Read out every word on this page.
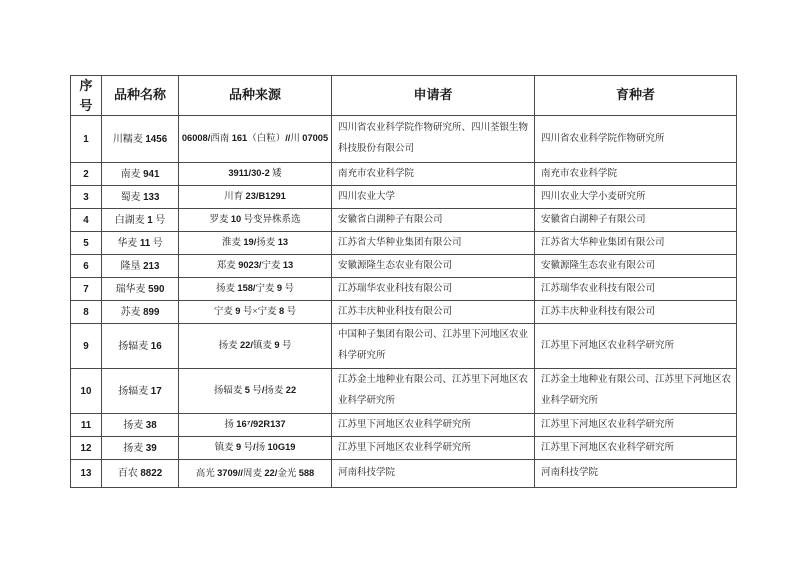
序号	品种名称	品种来源	申请者	育种者
1	川糯麦 1456	06008/西南 161（白粒）//川 07005	四川省农业科学院作物研究所、四川荃银生物科技股份有限公司	四川省农业科学院作物研究所
2	南麦 941	3911/30-2 矮	南充市农业科学院	南充市农业科学院
3	蜀麦 133	川育 23/B1291	四川农业大学	四川农业大学小麦研究所
4	白湖麦 1 号	罗麦 10 号变异株系选	安徽省白湖种子有限公司	安徽省白湖种子有限公司
5	华麦 11 号	淮麦 19/扬麦 13	江苏省大华种业集团有限公司	江苏省大华种业集团有限公司
6	隆垦 213	郑麦 9023/宁麦 13	安徽源隆生态农业有限公司	安徽源隆生态农业有限公司
7	瑞华麦 590	扬麦 158/宁麦 9 号	江苏瑞华农业科技有限公司	江苏瑞华农业科技有限公司
8	苏麦 899	宁麦 9 号×宁麦 8 号	江苏丰庆种业科技有限公司	江苏丰庆种业科技有限公司
9	扬辐麦 16	扬麦 22/镇麦 9 号	中国种子集团有限公司、江苏里下河地区农业科学研究所	江苏里下河地区农业科学研究所
10	扬辐麦 17	扬辐麦 5 号/扬麦 22	江苏金土地种业有限公司、江苏里下河地区农业科学研究所	江苏金土地种业有限公司、江苏里下河地区农业科学研究所
11	扬麦 38	扬 16⁷/92R137	江苏里下河地区农业科学研究所	江苏里下河地区农业科学研究所
12	扬麦 39	镇麦 9 号/扬 10G19	江苏里下河地区农业科学研究所	江苏里下河地区农业科学研究所
13	百农 8822	高光 3709//周麦 22/金光 588	河南科技学院	河南科技学院
